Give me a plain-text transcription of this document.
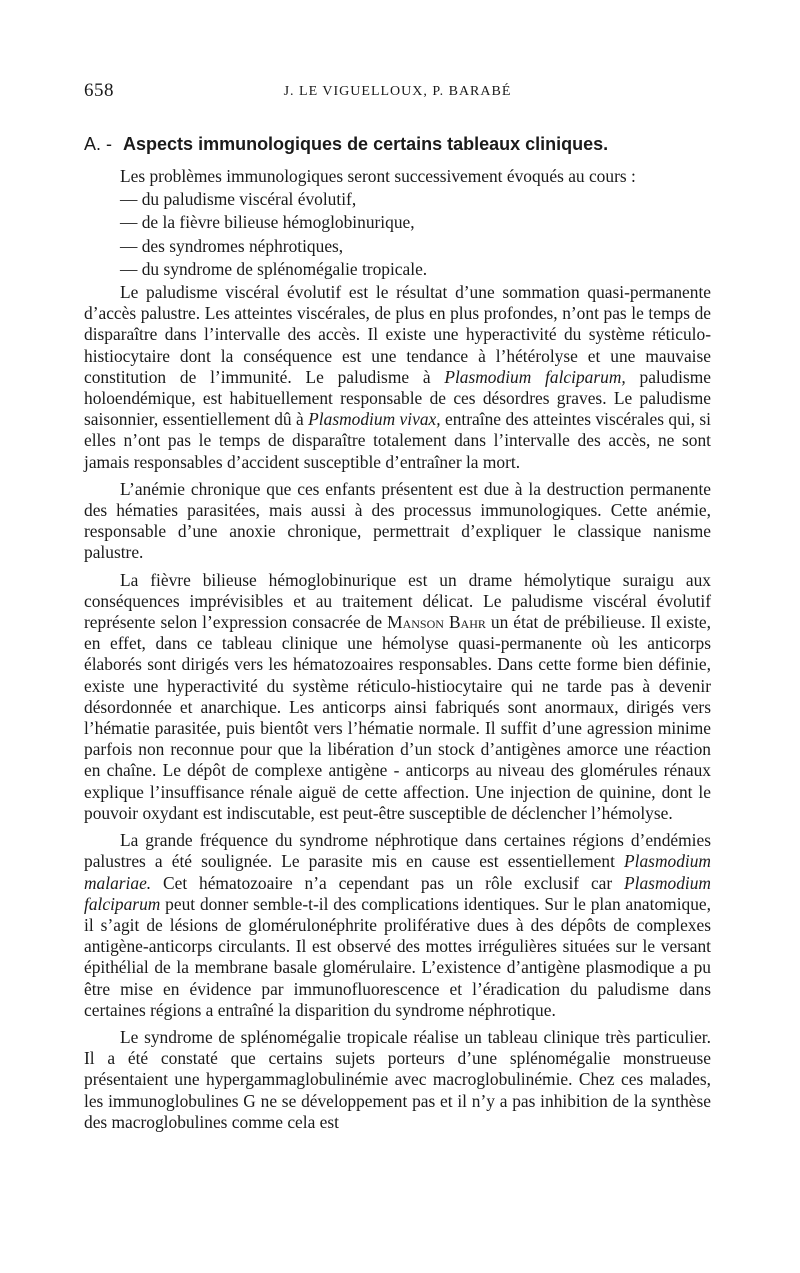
658	J. LE VIGUELLOUX, P. BARABÉ
A. - Aspects immunologiques de certains tableaux cliniques.

Les problèmes immunologiques seront successivement évoqués au cours :

— du paludisme viscéral évolutif,
— de la fièvre bilieuse hémoglobinurique,
— des syndromes néphrotiques,
— du syndrome de splénomégalie tropicale.

Le paludisme viscéral évolutif est le résultat d’une sommation quasi-permanente d’accès palustre. Les atteintes viscérales, de plus en plus profondes, n’ont pas le temps de disparaître dans l’intervalle des accès. Il existe une hyperactivité du système réticulo-histiocytaire dont la conséquence est une tendance à l’hétérolyse et une mauvaise constitution de l’immunité. Le paludisme à Plasmodium falciparum, paludisme holoendémique, est habituellement responsable de ces désordres graves. Le paludisme saisonnier, essentiellement dû à Plasmodium vivax, entraîne des atteintes viscérales qui, si elles n’ont pas le temps de disparaître totalement dans l’intervalle des accès, ne sont jamais responsables d’accident susceptible d’entraîner la mort.

L’anémie chronique que ces enfants présentent est due à la destruction permanente des hématies parasitées, mais aussi à des processus immunologiques. Cette anémie, responsable d’une anoxie chronique, permettrait d’expliquer le classique nanisme palustre.

La fièvre bilieuse hémoglobinurique est un drame hémolytique suraigu aux conséquences imprévisibles et au traitement délicat. Le paludisme viscéral évolutif représente selon l’expression consacrée de Manson Bahr un état de prébilieuse. Il existe, en effet, dans ce tableau clinique une hémolyse quasi-permanente où les anticorps élaborés sont dirigés vers les hématozoaires responsables. Dans cette forme bien définie, existe une hyperactivité du système réticulo-histiocytaire qui ne tarde pas à devenir désordonnée et anarchique. Les anticorps ainsi fabriqués sont anormaux, dirigés vers l’hématie parasitée, puis bientôt vers l’hématie normale. Il suffit d’une agression minime parfois non reconnue pour que la libération d’un stock d’antigènes amorce une réaction en chaîne. Le dépôt de complexe antigène - anticorps au niveau des glomérules rénaux explique l’insuffisance rénale aiguë de cette affection. Une injection de quinine, dont le pouvoir oxydant est indiscutable, est peut-être susceptible de déclencher l’hémolyse.

La grande fréquence du syndrome néphrotique dans certaines régions d’endémies palustres a été soulignée. Le parasite mis en cause est essentiellement Plasmodium malariae. Cet hématozoaire n’a cependant pas un rôle exclusif car Plasmodium falciparum peut donner semble-t-il des complications identiques. Sur le plan anatomique, il s’agit de lésions de glomérulonéphrite proliférative dues à des dépôts de complexes antigène-anticorps circulants. Il est observé des mottes irrégulières situées sur le versant épithélial de la membrane basale glomérulaire. L’existence d’antigène plasmodique a pu être mise en évidence par immunofluorescence et l’éradication du paludisme dans certaines régions a entraîné la disparition du syndrome néphrotique.

Le syndrome de splénomégalie tropicale réalise un tableau clinique très particulier. Il a été constaté que certains sujets porteurs d’une splénomégalie monstrueuse présentaient une hypergammaglobulinémie avec macroglobulinémie. Chez ces malades, les immunoglobulines G ne se développement pas et il n’y a pas inhibition de la synthèse des macroglobulines comme cela est
